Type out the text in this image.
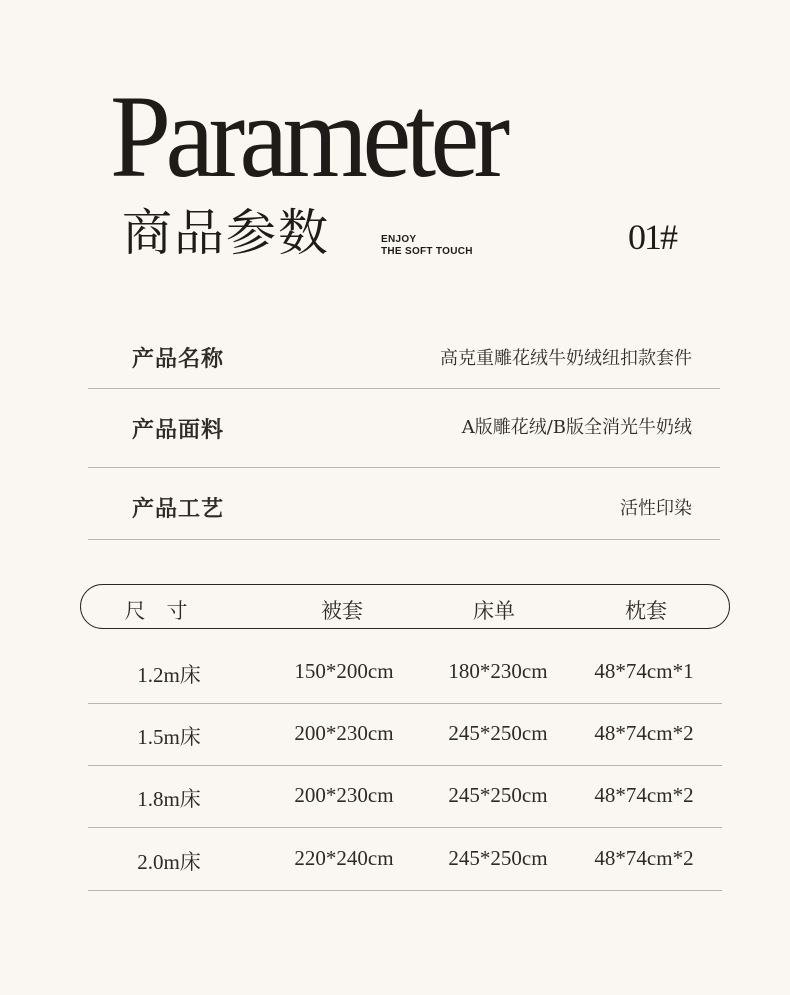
Parameter
商品参数	ENJOY
THE SOFT TOUCH	01#
产品名称	高克重雕花绒牛奶绒纽扣款套件
产品面料	A版雕花绒/B版全消光牛奶绒
产品工艺	活性印染
尺　寸	被套	床单	枕套
1.2m床	150*200cm	180*230cm 48*74cm*1
1.5m床	200*230cm	245*250cm 48*74cm*2
1.8m床	200*230cm	245*250cm 48*74cm*2
2.0m床	220*240cm	245*250cm 48*74cm*2
